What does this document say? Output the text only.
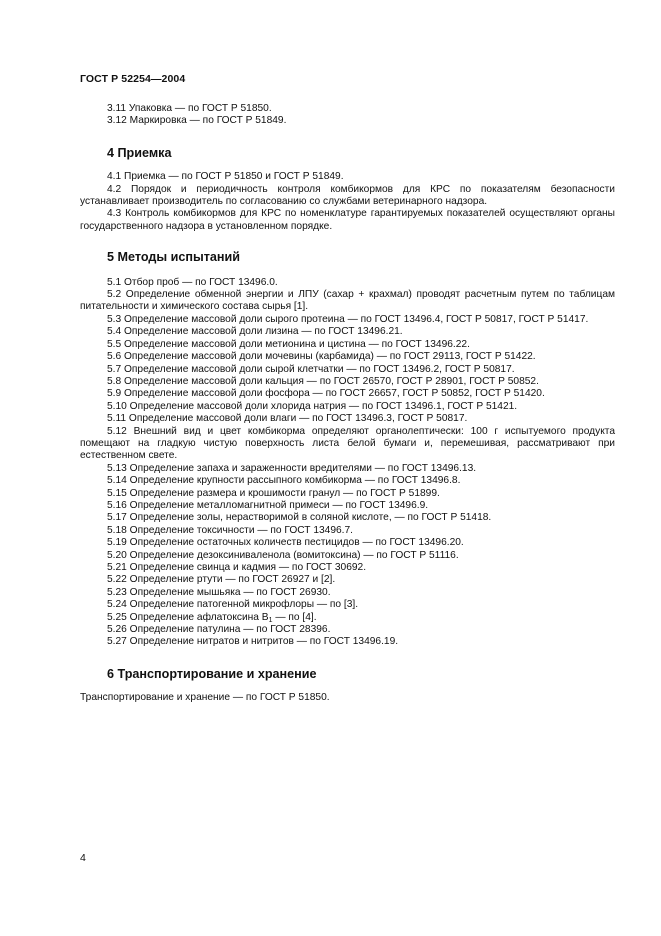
ГОСТ Р 52254—2004

3.11 Упаковка — по ГОСТ Р 51850.

3.12 Маркировка — по ГОСТ Р 51849.

4 Приемка

4.1 Приемка — по ГОСТ Р 51850 и ГОСТ Р 51849.

4.2 Порядок и периодичность контроля комбикормов для КРС по показателям безопасности устанавливает производитель по согласованию со службами ветеринарного надзора.

4.3 Контроль комбикормов для КРС по номенклатуре гарантируемых показателей осуществляют органы государственного надзора в установленном порядке.

5 Методы испытаний

5.1 Отбор проб — по ГОСТ 13496.0.

5.2 Определение обменной энергии и ЛПУ (сахар + крахмал) проводят расчетным путем по таблицам питательности и химического состава сырья [1].

5.3 Определение массовой доли сырого протеина — по ГОСТ 13496.4, ГОСТ Р 50817, ГОСТ Р 51417.

5.4 Определение массовой доли лизина — по ГОСТ 13496.21.

5.5 Определение массовой доли метионина и цистина — по ГОСТ 13496.22.

5.6 Определение массовой доли мочевины (карбамида) — по ГОСТ 29113, ГОСТ Р 51422.

5.7 Определение массовой доли сырой клетчатки — по ГОСТ 13496.2, ГОСТ Р 50817.

5.8 Определение массовой доли кальция — по ГОСТ 26570, ГОСТ Р 28901, ГОСТ Р 50852.

5.9 Определение массовой доли фосфора — по ГОСТ 26657, ГОСТ Р 50852, ГОСТ Р 51420.

5.10 Определение массовой доли хлорида натрия — по ГОСТ 13496.1, ГОСТ Р 51421.

5.11 Определение массовой доли влаги — по ГОСТ 13496.3, ГОСТ Р 50817.

5.12 Внешний вид и цвет комбикорма определяют органолептически: 100 г испытуемого продукта помещают на гладкую чистую поверхность листа белой бумаги и, перемешивая, рассматривают при естественном свете.

5.13 Определение запаха и зараженности вредителями — по ГОСТ 13496.13.

5.14 Определение крупности рассыпного комбикорма — по ГОСТ 13496.8.

5.15 Определение размера и крошимости гранул — по ГОСТ Р 51899.

5.16 Определение металломагнитной примеси — по ГОСТ 13496.9.

5.17 Определение золы, нерастворимой в соляной кислоте, — по ГОСТ Р 51418.

5.18 Определение токсичности — по ГОСТ 13496.7.

5.19 Определение остаточных количеств пестицидов — по ГОСТ 13496.20.

5.20 Определение дезоксиниваленола (вомитоксина) — по ГОСТ Р 51116.

5.21 Определение свинца и кадмия — по ГОСТ 30692.

5.22 Определение ртути — по ГОСТ 26927 и [2].

5.23 Определение мышьяка — по ГОСТ 26930.

5.24 Определение патогенной микрофлоры — по [3].

5.25 Определение афлатоксина $В_1$ — по [4].

5.26 Определение патулина — по ГОСТ 28396.

5.27 Определение нитратов и нитритов — по ГОСТ 13496.19.

6 Транспортирование и хранение

Транспортирование и хранение — по ГОСТ Р 51850.

4
